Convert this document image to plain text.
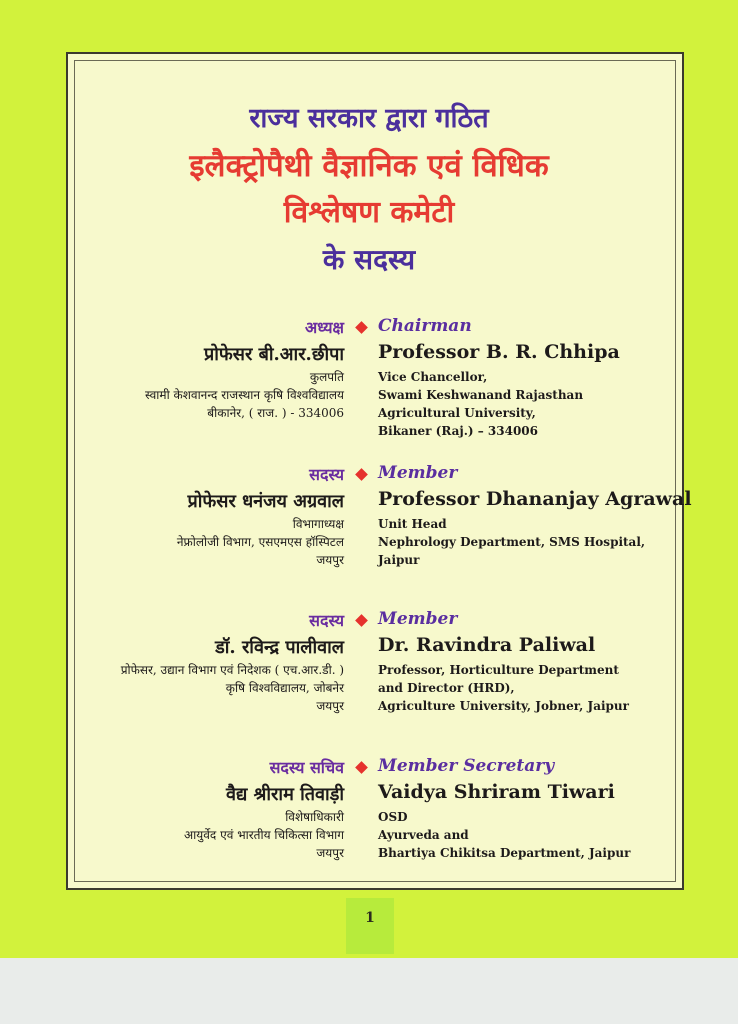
राज्य सरकार द्वारा गठित
इलैक्ट्रोपैथी वैज्ञानिक एवं विधिक
विश्लेषण कमेटी
के सदस्य
अध्यक्ष Chairman
प्रोफेसर बी.आर.छीपा Professor B. R. Chhipa
कुलपति
स्वामी केशवानन्द राजस्थान कृषि विश्वविद्यालय
बीकानेर, ( राज. ) - 334006
Vice Chancellor,
Swami Keshwanand Rajasthan
Agricultural University,
Bikaner (Raj.) – 334006
सदस्य Member
प्रोफेसर धनंजय अग्रवाल Professor Dhananjay Agrawal
विभागाध्यक्ष
नेफ्रोलोजी विभाग, एसएमएस हॉस्पिटल
जयपुर
Unit Head
Nephrology Department, SMS Hospital,
Jaipur
सदस्य Member
डॉ. रविन्द्र पालीवाल Dr. Ravindra Paliwal
प्रोफेसर, उद्यान विभाग एवं निदेशक ( एच.आर.डी. )
कृषि विश्वविद्यालय, जोबनेर
जयपुर
Professor, Horticulture Department
and Director (HRD),
Agriculture University, Jobner, Jaipur
सदस्य सचिव Member Secretary
वैद्य श्रीराम तिवाड़ी Vaidya Shriram Tiwari
विशेषाधिकारी
आयुर्वेद एवं भारतीय चिकित्सा विभाग
जयपुर
OSD
Ayurveda and
Bhartiya Chikitsa Department, Jaipur
1
